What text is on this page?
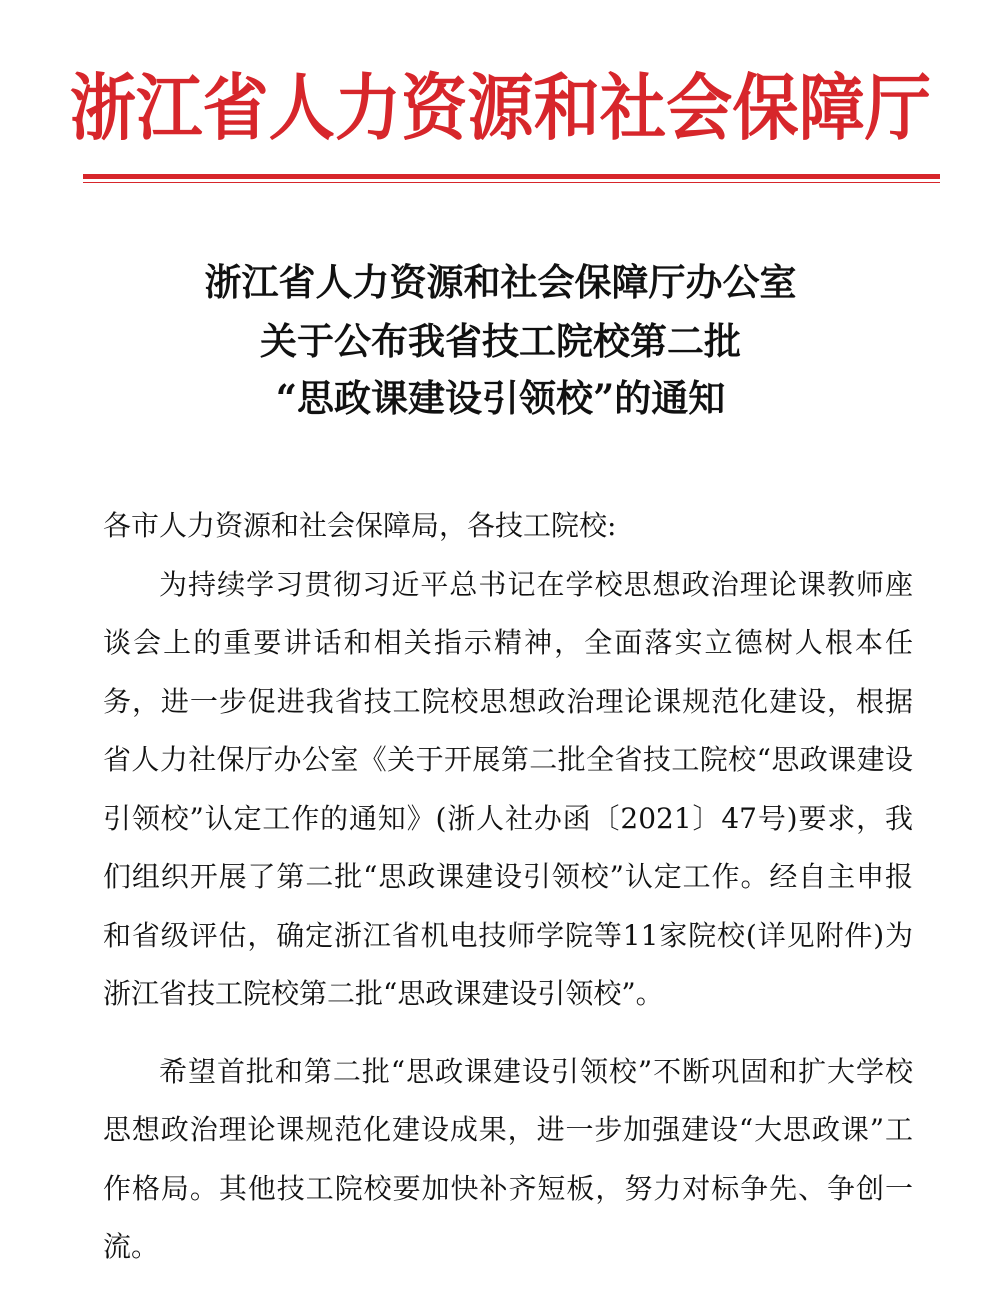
浙江省人力资源和社会保障厅
浙江省人力资源和社会保障厅办公室
关于公布我省技工院校第二批
“思政课建设引领校”的通知

各市人力资源和社会保障局，各技工院校:

为持续学习贯彻习近平总书记在学校思想政治理论课教师座谈会上的重要讲话和相关指示精神，全面落实立德树人根本任务，进一步促进我省技工院校思想政治理论课规范化建设，根据省人力社保厅办公室《关于开展第二批全省技工院校“思政课建设引领校”认定工作的通知》(浙人社办函〔2021〕47号)要求，我们组织开展了第二批“思政课建设引领校”认定工作。经自主申报和省级评估，确定浙江省机电技师学院等11家院校(详见附件)为浙江省技工院校第二批“思政课建设引领校”。

希望首批和第二批“思政课建设引领校”不断巩固和扩大学校思想政治理论课规范化建设成果，进一步加强建设“大思政课”工作格局。其他技工院校要加快补齐短板，努力对标争先、争创一流。
